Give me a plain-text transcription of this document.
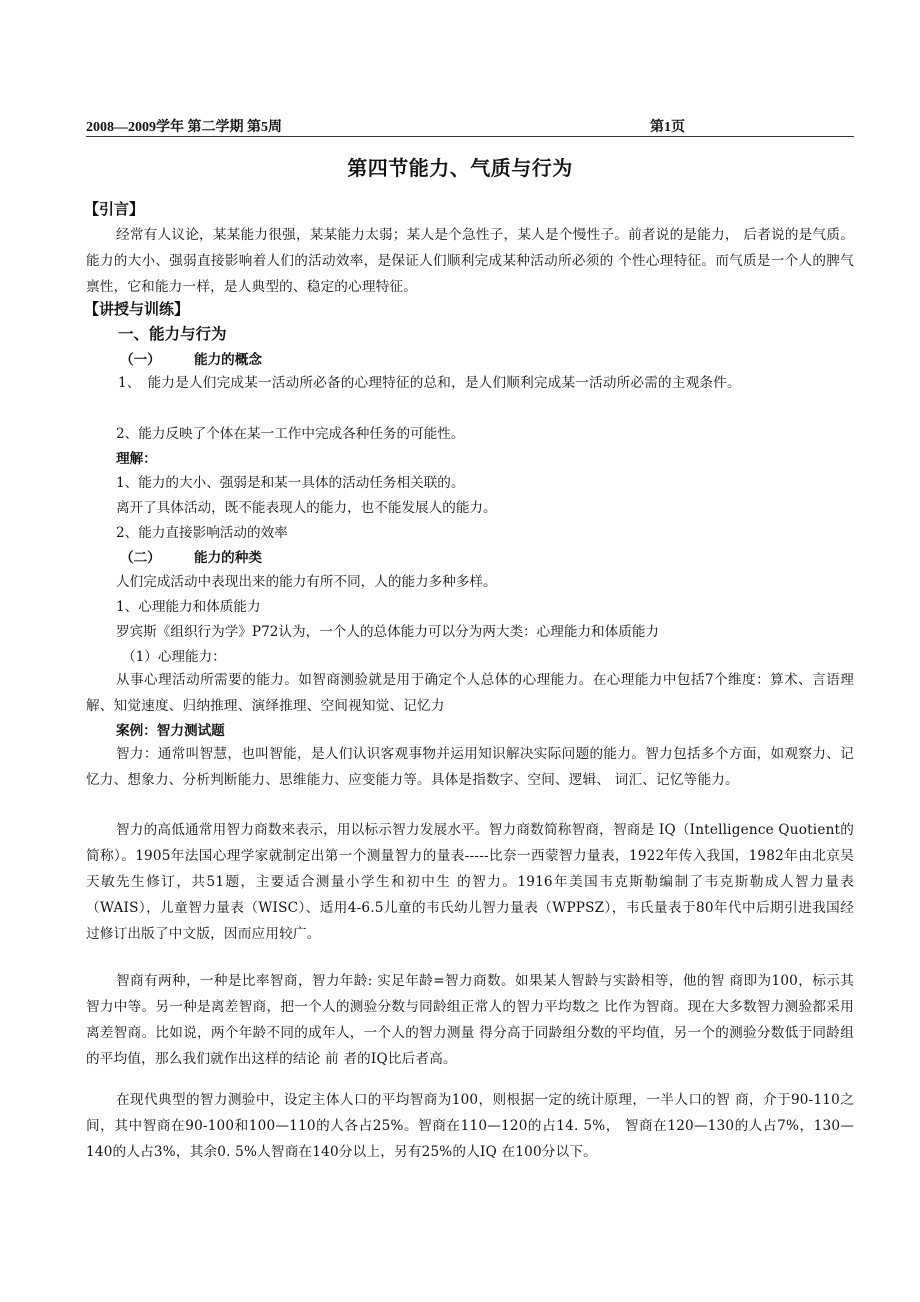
2008—2009学年 第二学期 第5周	第1页
第四节能力、气质与行为
【引言】
经常有人议论，某某能力很强，某某能力太弱；某人是个急性子，某人是个慢性子。前者说的是能力， 后者说的是气质。能力的大小、强弱直接影响着人们的活动效率，是保证人们顺利完成某种活动所必须的 个性心理特征。而气质是一个人的脾气禀性，它和能力一样，是人典型的、稳定的心理特征。
【讲授与训练】
一、能力与行为
（一） 能力的概念
1、　能力是人们完成某一活动所必备的心理特征的总和，是人们顺利完成某一活动所必需的主观条件。
2、能力反映了个体在某一工作中完成各种任务的可能性。
理解：
1、能力的大小、强弱是和某一具体的活动任务相关联的。
离开了具体活动，既不能表现人的能力，也不能发展人的能力。
2、能力直接影响活动的效率
（二） 能力的种类
人们完成活动中表现出来的能力有所不同，人的能力多种多样。
1、心理能力和体质能力
罗宾斯《组织行为学》P72认为，一个人的总体能力可以分为两大类：心理能力和体质能力
（1）心理能力：
从事心理活动所需要的能力。如智商测验就是用于确定个人总体的心理能力。在心理能力中包括7个维度：算术、言语理解、知觉速度、归纳推理、演绎推理、空间视知觉、记忆力
案例：智力测试题
智力：通常叫智慧，也叫智能，是人们认识客观事物并运用知识解决实际问题的能力。智力包括多个方面，如观察力、记忆力、想象力、分析判断能力、思维能力、应变能力等。具体是指数字、空间、逻辑、 词汇、记忆等能力。
智力的高低通常用智力商数来表示，用以标示智力发展水平。智力商数简称智商，智商是 IQ（Intelligence Quotient的简称）。1905年法国心理学家就制定出第一个测量智力的量表-----比奈一西蒙智力量表，1922年传入我国，1982年由北京吴天敏先生修订，共51题，主要适合测量小学生和初中生 的智力。1916年美国韦克斯勒编制了韦克斯勒成人智力量表（WAIS），儿童智力量表（WISC）、适用4-6.5儿童的韦氏幼儿智力量表（WPPSZ），韦氏量表于80年代中后期引进我国经过修订出版了中文版，因而应用较广。
智商有两种，一种是比率智商，智力年龄: 实足年龄=智力商数。如果某人智龄与实龄相等，他的智 商即为100，标示其智力中等。另一种是离差智商，把一个人的测验分数与同龄组正常人的智力平均数之 比作为智商。现在大多数智力测验都采用离差智商。比如说，两个年龄不同的成年人，一个人的智力测量 得分高于同龄组分数的平均值，另一个的测验分数低于同龄组的平均值，那么我们就作出这样的结论 前 者的IQ比后者高。
在现代典型的智力测验中，设定主体人口的平均智商为100，则根据一定的统计原理，一半人口的智 商，介于90-110之间，其中智商在90-100和100—110的人各占25%。智商在110—120的占14. 5%， 智商在120—130的人占7%，130—140的人占3%，其余0. 5%人智商在140分以上，另有25%的人IQ 在100分以下。
